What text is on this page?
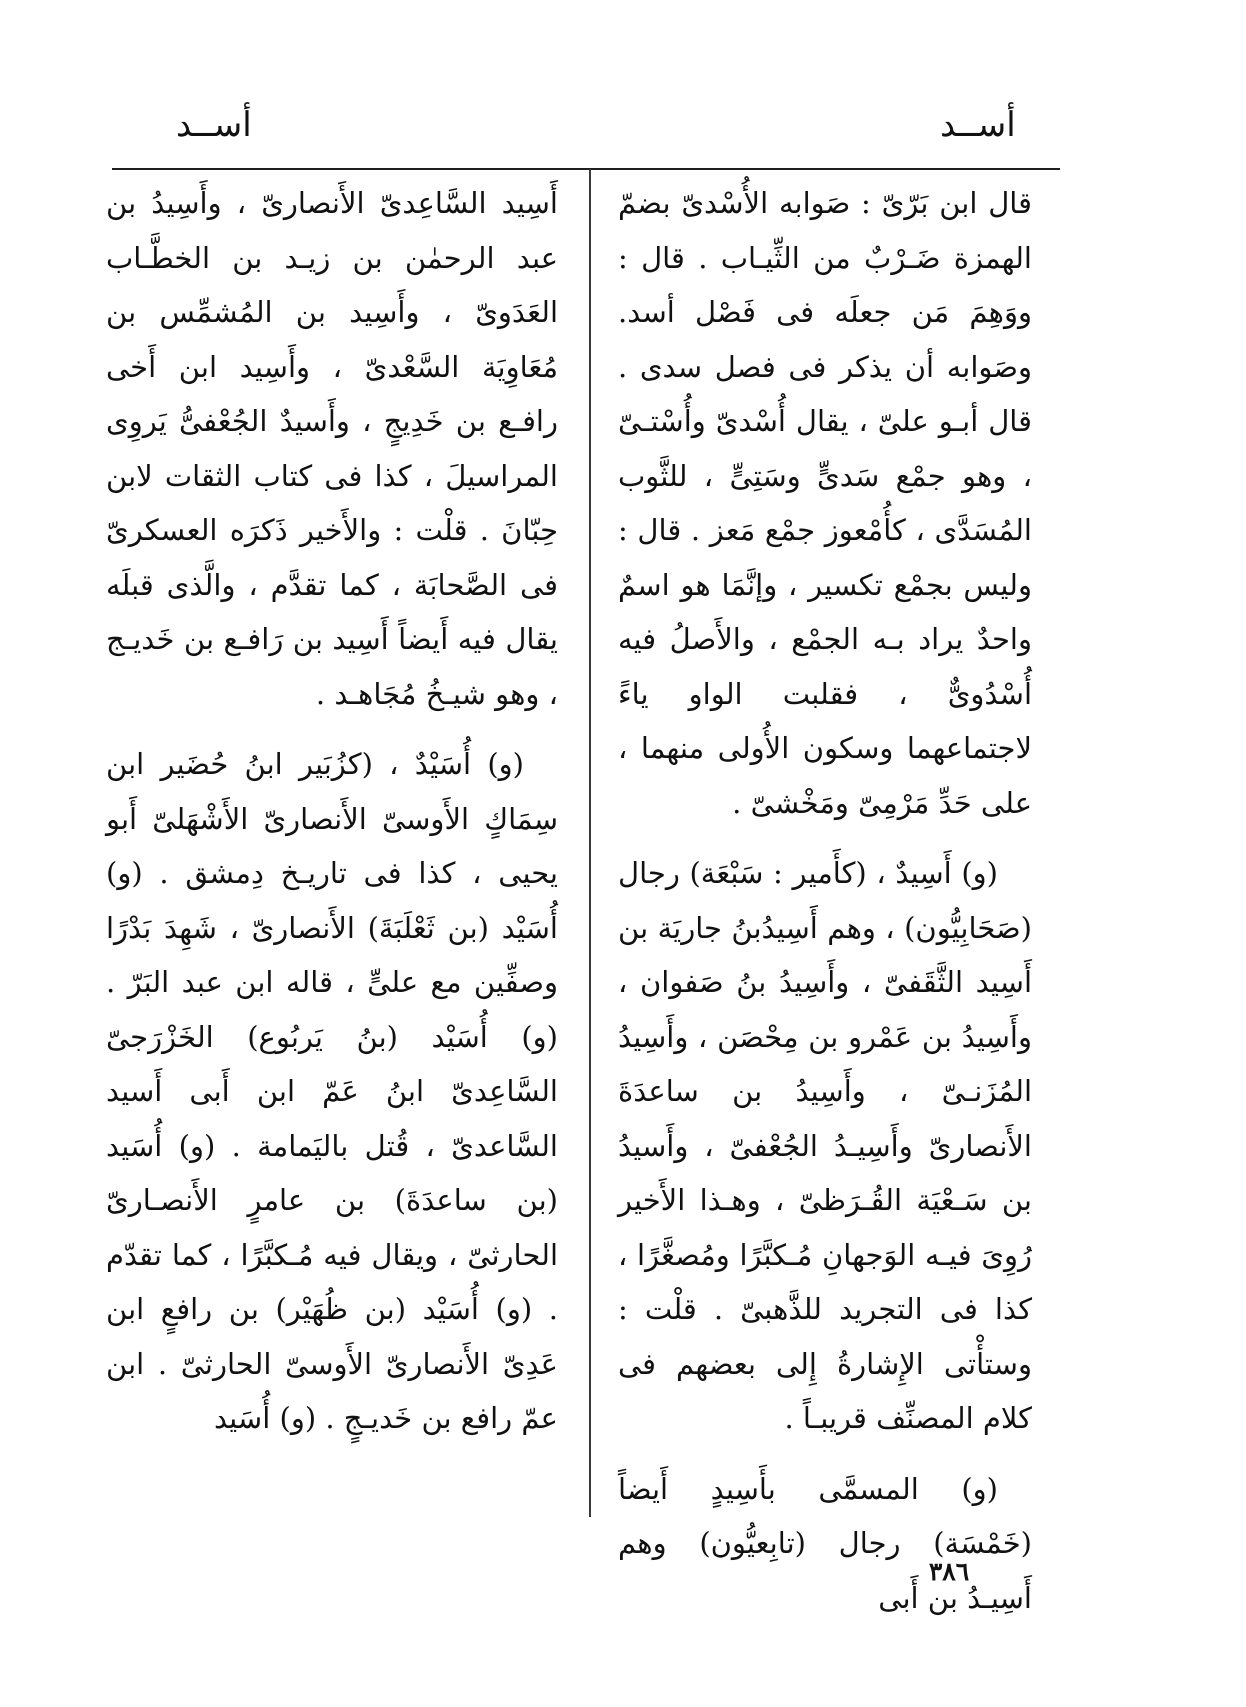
أســد
أســد

قال ابن بَرّىّ : صَوابه الأُسْدىّ بضمّ الهمزة ضَـرْبٌ من الثِّيـاب . قال : ووَهِمَ مَن جعلَه فى فَصْل أسد. وصَوابه أن يذكر فى فصل سدى . قال أبـو علىّ ، يقال أُسْدىّ وأُسْتـىّ ، وهو جمْع سَدىٍّ وسَتِىٍّ ، للثَّوب المُسَدَّى ، كأُمْعوز جمْع مَعز . قال : وليس بجمْع تكسير ، وإنَّمَا هو اسمٌ واحدٌ يراد بـه الجمْع ، والأَصلُ فيه أُسْدُوىٌّ ، فقلبت الواو ياءً لاجتماعهما وسكون الأُولى منهما ، على حَدِّ مَرْمِىّ ومَخْشىّ .

(و) أَسِيدٌ ، (كأَمير : سَبْعَة) رجال (صَحَابِيُّون) ، وهم أَسِيدُبنُ جاريَة بن أَسِيد الثَّقَفىّ ، وأَسِيدُ بنُ صَفوان ، وأَسِيدُ بن عَمْرو بن مِحْصَن ، وأَسِيدُ المُزَنـىّ ، وأَسِيدُ بن ساعدَةَ الأَنصارىّ وأَسِيـدُ الجُعْفىّ ، وأَسيدُ بن سَـعْيَة القُـرَظىّ ، وهـذا الأَخير رُوِىَ فيـه الوَجهانِ مُـكبَّرًا ومُصغَّرًا ، كذا فى التجريد للذَّهبىّ . قلْت : وستأْتى الإِشارةُ إِلى بعضهم فى كلام المصنِّف قريبـاً .

(و) المسمَّى بأَسِيدٍ أَيضاً (خَمْسَة) رجال (تابِعيُّون) وهم أَسِيـدُ بن أَبى

أَسِيد السَّاعِدىّ الأَنصارىّ ، وأَسِيدُ بن عبد الرحمٰن بن زيـد بن الخطَّـاب العَدَوىّ ، وأَسِيد بن المُشمِّس بن مُعَاوِيَة السَّعْدىّ ، وأَسِيد ابن أَخى رافـع بن خَدِيجٍ ، وأَسيدٌ الجُعْفىُّ يَروِى المراسيلَ ، كذا فى كتاب الثقات لابن حِبّانَ . قلْت : والأَخير ذَكرَه العسكرىّ فى الصَّحابَة ، كما تقدَّم ، والَّذى قبلَه يقال فيه أَيضاً أَسِيد بن رَافـع بن خَديـج ، وهو شيـخُ مُجَاهـد .

(و) أُسَيْدٌ ، (كزُبَير ابنُ حُضَير ابن سِمَاكٍ الأَوسىّ الأَنصارىّ الأَشْهَلىّ أَبو يحيى ، كذا فى تاريـخ دِمشق . (و) أُسَيْد (بن ثَعْلَبَةَ) الأَنصارىّ ، شَهِدَ بَدْرًا وصفِّين مع علىٍّ ، قاله ابن عبد البَرّ . (و) أُسَيْد (بنُ يَربُوع) الخَزْرَجىّ السَّاعِدىّ ابنُ عَمّ ابن أَبى أَسيد السَّاعدىّ ، قُتل باليَمامة . (و) أُسَيد (بن ساعدَةَ) بن عامرٍ الأَنصـارىّ الحارثىّ ، ويقال فيه مُـكبَّرًا ، كما تقدّم . (و) أُسَيْد (بن ظُهَيْر) بن رافعٍ ابن عَدِىّ الأَنصارىّ الأَوسىّ الحارثىّ . ابن عمّ رافع بن خَديـجٍ . (و) أُسَيد

٣٨٦
